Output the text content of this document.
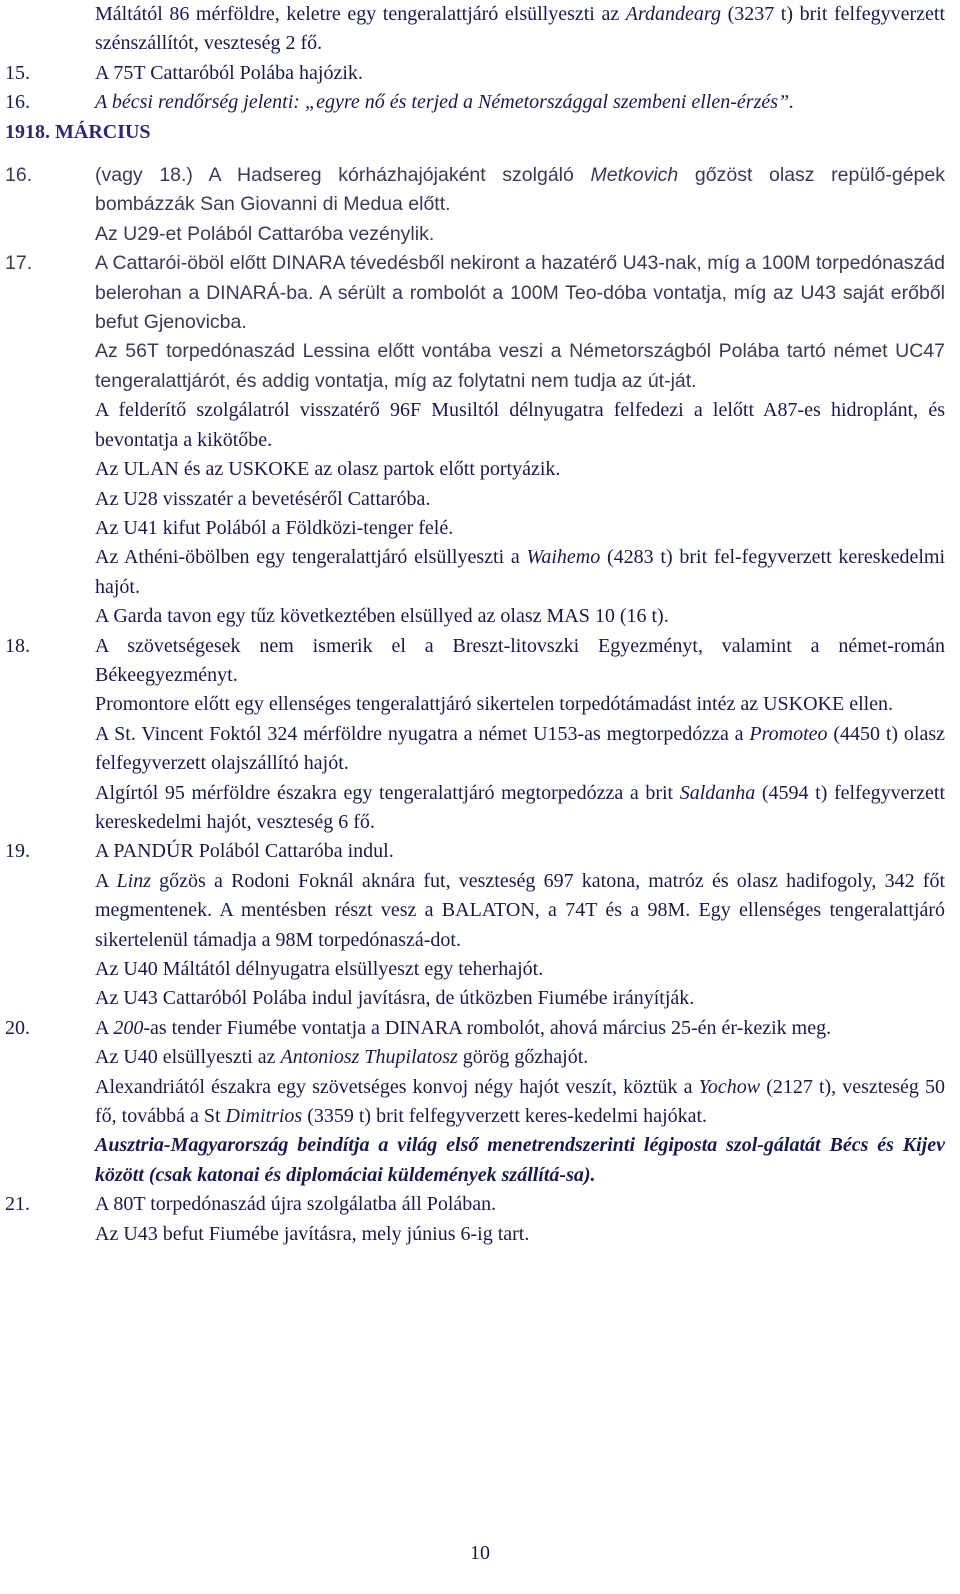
Máltától 86 mérföldre, keletre egy tengeralattjáró elsüllyeszti az Ardandearg (3237 t) brit felfegyverzett szénszállítót, veszteség 2 fő.
15.	A 75T Cattaróból Polába hajózik.
16.	A bécsi rendőrség jelenti: „egyre nő és terjed a Németországgal szembeni ellen-érzés”.
1918. MÁRCIUS
16.	(vagy 18.) A Hadsereg kórházhajójaként szolgáló Metkovich gőzöst olasz repülő-gépek bombázzák San Giovanni di Medua előtt.
Az U29-et Polából Cattaróba vezénylik.
17.	A Cattarói-öböl előtt DINARA tévedésből nekiront a hazatérő U43-nak, míg a 100M torpedónaszád belerohan a DINARÁ-ba. A sérült a rombolót a 100M Teo-dóba vontatja, míg az U43 saját erőből befut Gjenovicba.
Az 56T torpedónaszád Lessina előtt vontába veszi a Németországból Polába tartó német UC47 tengeralattjárót, és addig vontatja, míg az folytatni nem tudja az út-ját.
A felderítő szolgálatról visszatérő 96F Musiltól délnyugatra felfedezi a lelőtt A87-es hidroplánt, és bevontatja a kikötőbe.
Az ULAN és az USKOKE az olasz partok előtt portyázik.
Az U28 visszatér a bevetéséről Cattaróba.
Az U41 kifut Polából a Földközi-tenger felé.
Az Athéni-öbölben egy tengeralattjáró elsüllyeszti a Waihemo (4283 t) brit fel-fegyverzett kereskedelmi hajót.
A Garda tavon egy tűz következtében elsüllyed az olasz MAS 10 (16 t).
18.	A szövetségesek nem ismerik el a Breszt-litovszki Egyezményt, valamint a német-román Békeegyezményt.
Promontore előtt egy ellenséges tengeralattjáró sikertelen torpedótámadást intéz az USKOKE ellen.
A St. Vincent Foktól 324 mérföldre nyugatra a német U153-as megtorpedózza a Promoteo (4450 t) olasz felfegyverzett olajszállító hajót.
Algírtól 95 mérföldre északra egy tengeralattjáró megtorpedózza a brit Saldanha (4594 t) felfegyverzett kereskedelmi hajót, veszteség 6 fő.
19.	A PANDÚR Polából Cattaróba indul.
A Linz gőzös a Rodoni Foknál aknára fut, veszteség 697 katona, matróz és olasz hadifogoly, 342 főt megmentenek. A mentésben részt vesz a BALATON, a 74T és a 98M. Egy ellenséges tengeralattjáró sikertelenül támadja a 98M torpedónaszá-dot.
Az U40 Máltától délnyugatra elsüllyeszt egy teherhajót.
Az U43 Cattaróból Polába indul javításra, de útközben Fiumébe irányítják.
20.	A 200-as tender Fiumébe vontatja a DINARA rombolót, ahová március 25-én ér-kezik meg.
Az U40 elsüllyeszti az Antoniosz Thupilatosz görög gőzhajót.
Alexandriától északra egy szövetséges konvoj négy hajót veszít, köztük a Yochow (2127 t), veszteség 50 fő, továbbá a St Dimitrios (3359 t) brit felfegyverzett keres-kedelmi hajókat.
Ausztria-Magyarország beindítja a világ első menetrendszerinti légiposta szol-gálatát Bécs és Kijev között (csak katonai és diplomáciai küldemények szállítá-sa).
21.	A 80T torpedónaszád újra szolgálatba áll Polában.
Az U43 befut Fiumébe javításra, mely június 6-ig tart.
10
